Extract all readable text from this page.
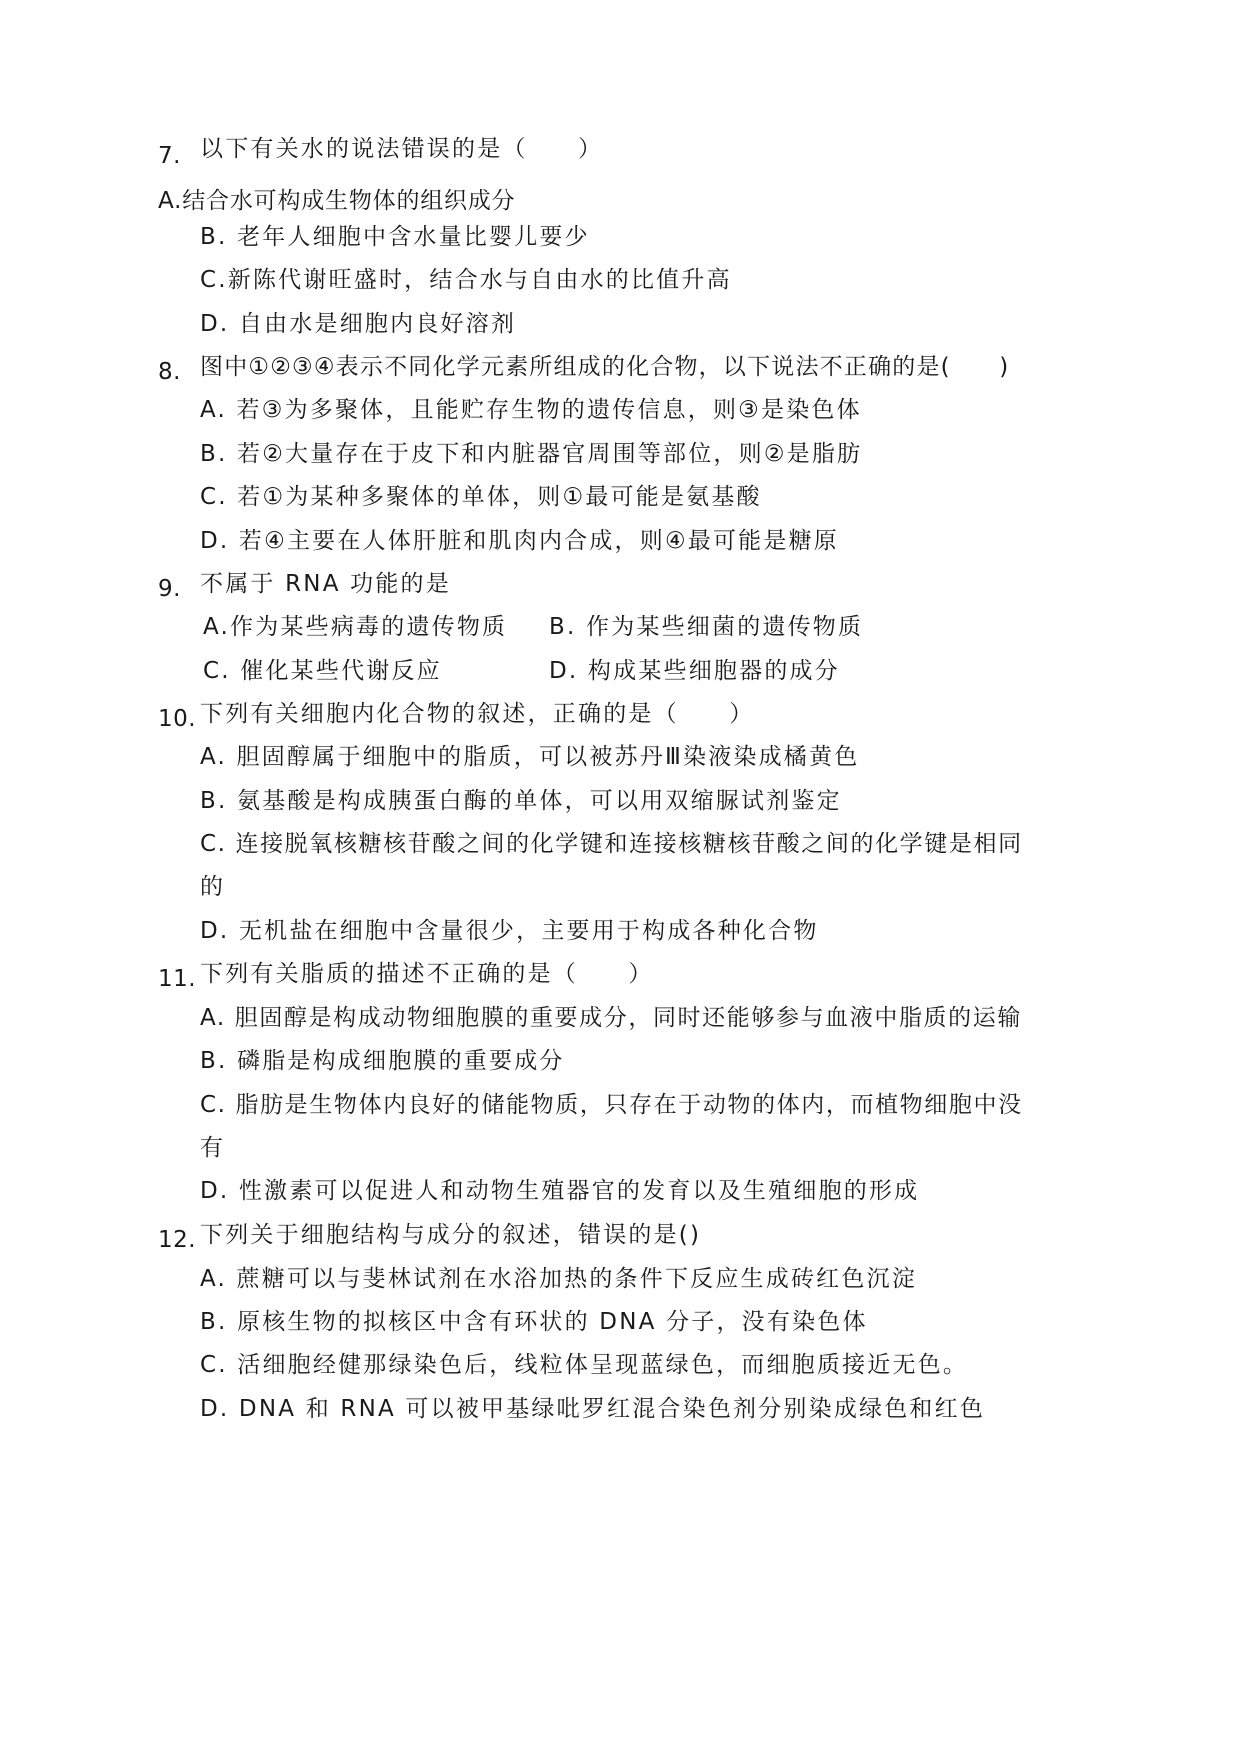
7. 以下有关水的说法错误的是（　　）
A.结合水可构成生物体的组织成分
B. 老年人细胞中含水量比婴儿要少
C.新陈代谢旺盛时，结合水与自由水的比值升高
D. 自由水是细胞内良好溶剂
8. 图中①②③④表示不同化学元素所组成的化合物，以下说法不正确的是(　　)
A. 若③为多聚体，且能贮存生物的遗传信息，则③是染色体
B. 若②大量存在于皮下和内脏器官周围等部位，则②是脂肪
C. 若①为某种多聚体的单体，则①最可能是氨基酸
D. 若④主要在人体肝脏和肌肉内合成，则④最可能是糖原
9. 不属于 RNA 功能的是
A.作为某些病毒的遗传物质 B. 作为某些细菌的遗传物质
C. 催化某些代谢反应	D. 构成某些细胞器的成分
10. 下列有关细胞内化合物的叙述，正确的是（　　）
A. 胆固醇属于细胞中的脂质，可以被苏丹Ⅲ染液染成橘黄色
B. 氨基酸是构成胰蛋白酶的单体，可以用双缩脲试剂鉴定
C. 连接脱氧核糖核苷酸之间的化学键和连接核糖核苷酸之间的化学键是相同
的
D. 无机盐在细胞中含量很少，主要用于构成各种化合物
11. 下列有关脂质的描述不正确的是（　　）
A. 胆固醇是构成动物细胞膜的重要成分，同时还能够参与血液中脂质的运输
B. 磷脂是构成细胞膜的重要成分
C. 脂肪是生物体内良好的储能物质，只存在于动物的体内，而植物细胞中没
有
D. 性激素可以促进人和动物生殖器官的发育以及生殖细胞的形成
12. 下列关于细胞结构与成分的叙述，错误的是()
A. 蔗糖可以与斐林试剂在水浴加热的条件下反应生成砖红色沉淀
B. 原核生物的拟核区中含有环状的 DNA 分子，没有染色体
C. 活细胞经健那绿染色后，线粒体呈现蓝绿色，而细胞质接近无色。
D. DNA 和 RNA 可以被甲基绿吡罗红混合染色剂分别染成绿色和红色
